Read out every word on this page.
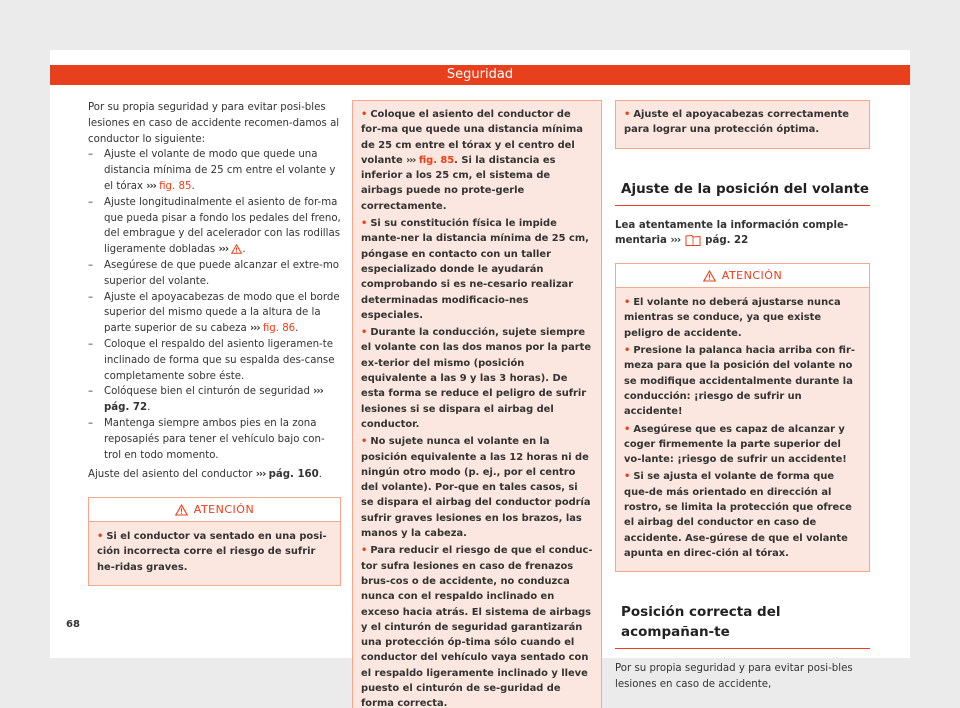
Seguridad

Por su propia seguridad y para evitar posi-bles lesiones en caso de accidente recomen-damos al conductor lo siguiente:

– Ajuste el volante de modo que quede una distancia mínima de 25 cm entre el volante y el tórax ››› fig. 85.
– Ajuste longitudinalmente el asiento de for-ma que pueda pisar a fondo los pedales del freno, del embrague y del acelerador con las rodillas ligeramente dobladas ››› .
– Asegúrese de que puede alcanzar el extre-mo superior del volante.
– Ajuste el apoyacabezas de modo que el borde superior del mismo quede a la altura de la parte superior de su cabeza ››› fig. 86.
– Coloque el respaldo del asiento ligeramen-te inclinado de forma que su espalda des-canse completamente sobre éste.
– Colóquese bien el cinturón de seguridad ››› pág. 72.
– Mantenga siempre ambos pies en la zona reposapiés para tener el vehículo bajo con-trol en todo momento.

Ajuste del asiento del conductor ››› pág. 160.

ATENCIÓN

• Si el conductor va sentado en una posi-ción incorrecta corre el riesgo de sufrir he-ridas graves.

• Coloque el asiento del conductor de for-ma que quede una distancia mínima de 25 cm entre el tórax y el centro del volante ››› fig. 85. Si la distancia es inferior a los 25 cm, el sistema de airbags puede no prote-gerle correctamente.

• Si su constitución física le impide mante-ner la distancia mínima de 25 cm, póngase en contacto con un taller especializado donde le ayudarán comprobando si es ne-cesario realizar determinadas modificacio-nes especiales.

• Durante la conducción, sujete siempre el volante con las dos manos por la parte ex-terior del mismo (posición equivalente a las 9 y las 3 horas). De esta forma se reduce el peligro de sufrir lesiones si se dispara el airbag del conductor.

• No sujete nunca el volante en la posición equivalente a las 12 horas ni de ningún otro modo (p. ej., por el centro del volante). Por-que en tales casos, si se dispara el airbag del conductor podría sufrir graves lesiones en los brazos, las manos y la cabeza.

• Para reducir el riesgo de que el conduc-tor sufra lesiones en caso de frenazos brus-cos o de accidente, no conduzca nunca con el respaldo inclinado en exceso hacia atrás. El sistema de airbags y el cinturón de seguridad garantizarán una protección óp-tima sólo cuando el conductor del vehículo vaya sentado con el respaldo ligeramente inclinado y lleve puesto el cinturón de se-guridad de forma correcta.

• Ajuste el apoyacabezas correctamente para lograr una protección óptima.

Ajuste de la posición del volante

Lea atentamente la información comple-mentaria ››› pág. 22

ATENCIÓN

• El volante no deberá ajustarse nunca mientras se conduce, ya que existe peligro de accidente.

• Presione la palanca hacia arriba con fir-meza para que la posición del volante no se modifique accidentalmente durante la conducción: ¡riesgo de sufrir un accidente!

• Asegúrese que es capaz de alcanzar y coger firmemente la parte superior del vo-lante: ¡riesgo de sufrir un accidente!

• Si se ajusta el volante de forma que que-de más orientado en dirección al rostro, se limita la protección que ofrece el airbag del conductor en caso de accidente. Ase-gúrese de que el volante apunta en direc-ción al tórax.

Posición correcta del acompañan-te

Por su propia seguridad y para evitar posi-bles lesiones en caso de accidente,

68
